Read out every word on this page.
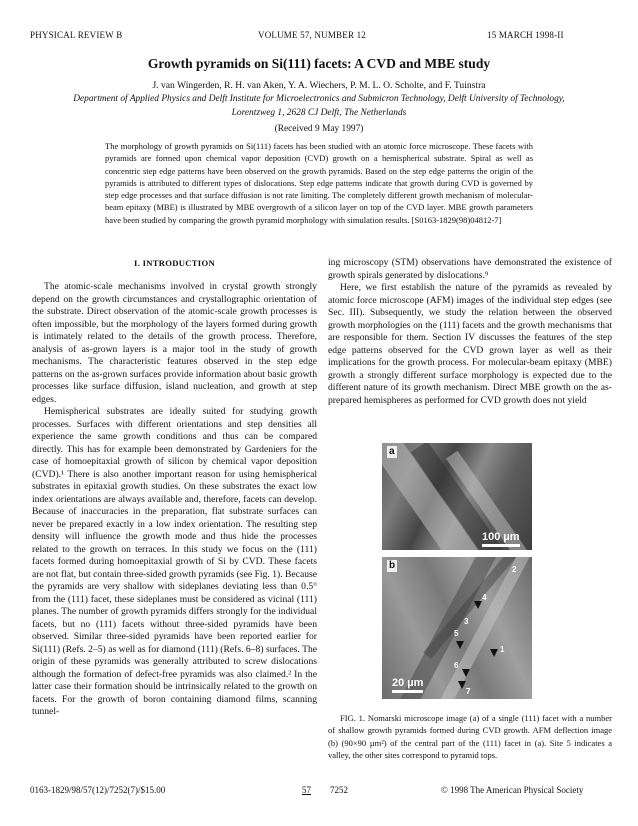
PHYSICAL REVIEW B	VOLUME 57, NUMBER 12	15 MARCH 1998-II
Growth pyramids on Si(111) facets: A CVD and MBE study
J. van Wingerden, R. H. van Aken, Y. A. Wiechers, P. M. L. O. Scholte, and F. Tuinstra
Department of Applied Physics and Delft Institute for Microelectronics and Submicron Technology, Delft University of Technology,
Lorentzweg 1, 2628 CJ Delft, The Netherlands
(Received 9 May 1997)

The morphology of growth pyramids on Si(111) facets has been studied with an atomic force microscope. These facets with pyramids are formed upon chemical vapor deposition (CVD) growth on a hemispherical substrate. Spiral as well as concentric step edge patterns have been observed on the growth pyramids. Based on the step edge patterns the origin of the pyramids is attributed to different types of dislocations. Step edge patterns indicate that growth during CVD is governed by step edge processes and that surface diffusion is not rate limiting. The completely different growth mechanism of molecular-beam epitaxy (MBE) is illustrated by MBE overgrowth of a silicon layer on top of the CVD layer. MBE growth parameters have been studied by comparing the growth pyramid morphology with simulation results. [S0163-1829(98)04812-7]

I. INTRODUCTION

The atomic-scale mechanisms involved in crystal growth strongly depend on the growth circumstances and crystallographic orientation of the substrate. Direct observation of the atomic-scale growth processes is often impossible, but the morphology of the layers formed during growth is intimately related to the details of the growth process. Therefore, analysis of as-grown layers is a major tool in the study of growth mechanisms. The characteristic features observed in the step edge patterns on the as-grown surfaces provide information about basic growth processes like surface diffusion, island nucleation, and growth at step edges.

Hemispherical substrates are ideally suited for studying growth processes. Surfaces with different orientations and step densities all experience the same growth conditions and thus can be compared directly. This has for example been demonstrated by Gardeniers for the case of homoepitaxial growth of silicon by chemical vapor deposition (CVD).¹ There is also another important reason for using hemispherical substrates in epitaxial growth studies. On these substrates the exact low index orientations are always available and, therefore, facets can develop. Because of inaccuracies in the preparation, flat substrate surfaces can never be prepared exactly in a low index orientation. The resulting step density will influence the growth mode and thus hide the processes related to the growth on terraces. In this study we focus on the (111) facets formed during homoepitaxial growth of Si by CVD. These facets are not flat, but contain three-sided growth pyramids (see Fig. 1). Because the pyramids are very shallow with sideplanes deviating less than 0.5° from the (111) facet, these sideplanes must be considered as vicinal (111) planes. The number of growth pyramids differs strongly for the individual facets, but no (111) facets without three-sided pyramids have been observed. Similar three-sided pyramids have been reported earlier for Si(111) (Refs. 2–5) as well as for diamond (111) (Refs. 6–8) surfaces. The origin of these pyramids was generally attributed to screw dislocations although the formation of defect-free pyramids was also claimed.² In the latter case their formation should be intrinsically related to the growth on facets. For the growth of boron containing diamond films, scanning tunnel-

ing microscopy (STM) observations have demonstrated the existence of growth spirals generated by dislocations.⁹

Here, we first establish the nature of the pyramids as revealed by atomic force microscope (AFM) images of the individual step edges (see Sec. III). Subsequently, we study the relation between the observed growth morphologies on the (111) facets and the growth mechanisms that are responsible for them. Section IV discusses the features of the step edge patterns observed for the CVD grown layer as well as their implications for the growth process. For molecular-beam epitaxy (MBE) growth a strongly different surface morphology is expected due to the different nature of its growth mechanism. Direct MBE growth on the as-prepared hemispheres as performed for CVD growth does not yield

a
100 µm
b	2
4
3
5
1
6
7
20 µm

FIG. 1. Nomarski microscope image (a) of a single (111) facet with a number of shallow growth pyramids formed during CVD growth. AFM deflection image (b) (90×90 µm²) of the central part of the (111) facet in (a). Site 5 indicates a valley, the other sites correspond to pyramid tops.

0163-1829/98/57(12)/7252(7)/$15.00	57 7252	© 1998 The American Physical Society
